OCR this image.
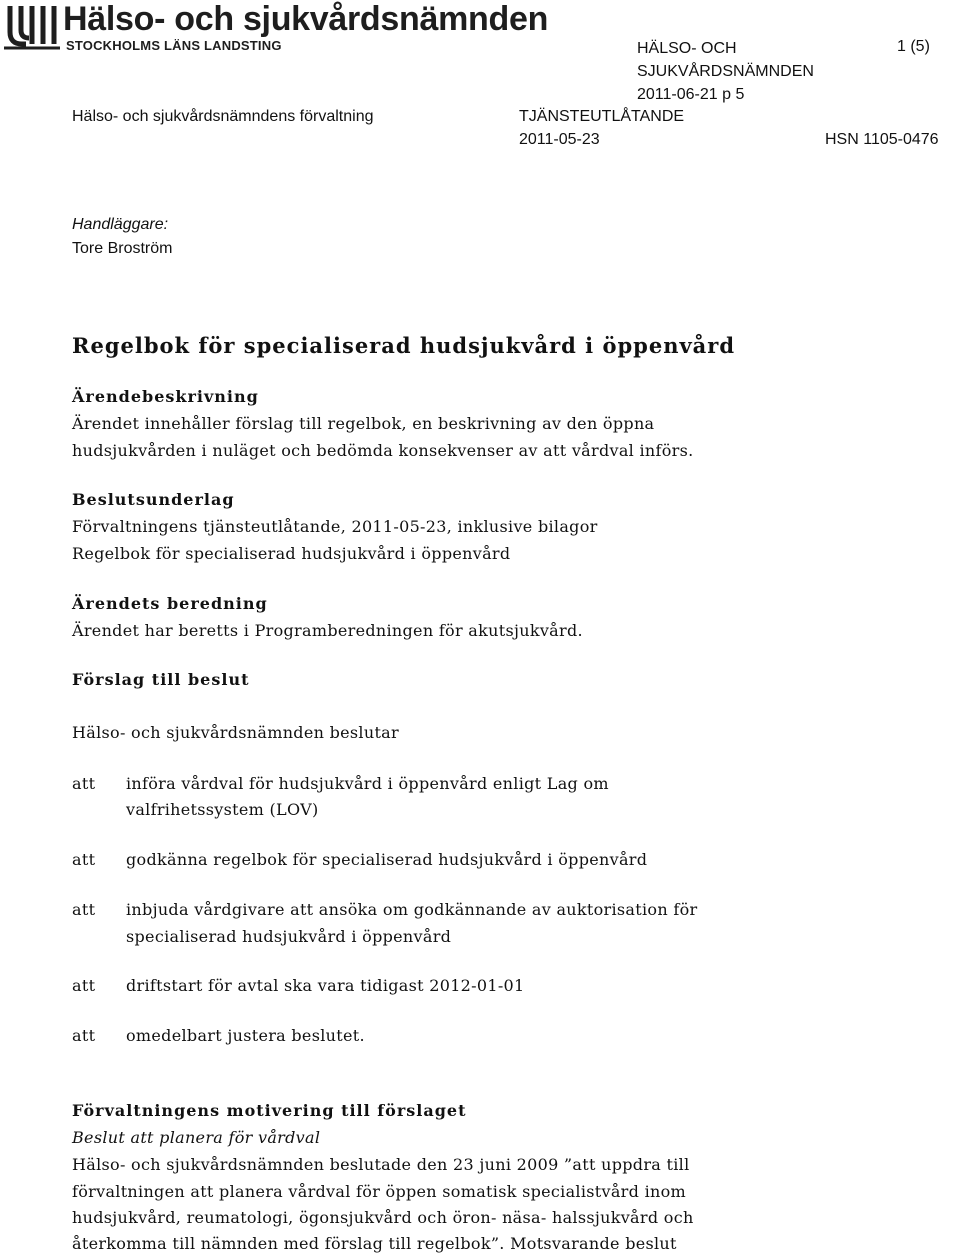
Hälso- och sjukvårdsnämnden
STOCKHOLMS LÄNS LANDSTING	HÄLSO- OCH
SJUKVÅRDSNÄMNDEN
2011-06-21 p 5
1 (5)
Hälso- och sjukvårdsnämndens förvaltning	TJÄNSTEUTLÅTANDE
2011-05-23	HSN 1105-0476
Handläggare:
Tore Broström
Regelbok för specialiserad hudsjukvård i öppenvård
Ärendebeskrivning
Ärendet innehåller förslag till regelbok, en beskrivning av den öppna
hudsjukvården i nuläget och bedömda konsekvenser av att vårdval införs.
Beslutsunderlag
Förvaltningens tjänsteutlåtande, 2011-05-23, inklusive bilagor
Regelbok för specialiserad hudsjukvård i öppenvård
Ärendets beredning
Ärendet har beretts i Programberedningen för akutsjukvård.
Förslag till beslut
Hälso- och sjukvårdsnämnden beslutar
att införa vårdval för hudsjukvård i öppenvård enligt Lag om
valfrihetssystem (LOV)
att godkänna regelbok för specialiserad hudsjukvård i öppenvård
att inbjuda vårdgivare att ansöka om godkännande av auktorisation för
specialiserad hudsjukvård i öppenvård
att driftstart för avtal ska vara tidigast 2012-01-01
att omedelbart justera beslutet.
Förvaltningens motivering till förslaget
Beslut att planera för vårdval
Hälso- och sjukvårdsnämnden beslutade den 23 juni 2009 ”att uppdra till
förvaltningen att planera vårdval för öppen somatisk specialistvård inom
hudsjukvård, reumatologi, ögonsjukvård och öron- näsa- halssjukvård och
återkomma till nämnden med förslag till regelbok”. Motsvarande beslut
